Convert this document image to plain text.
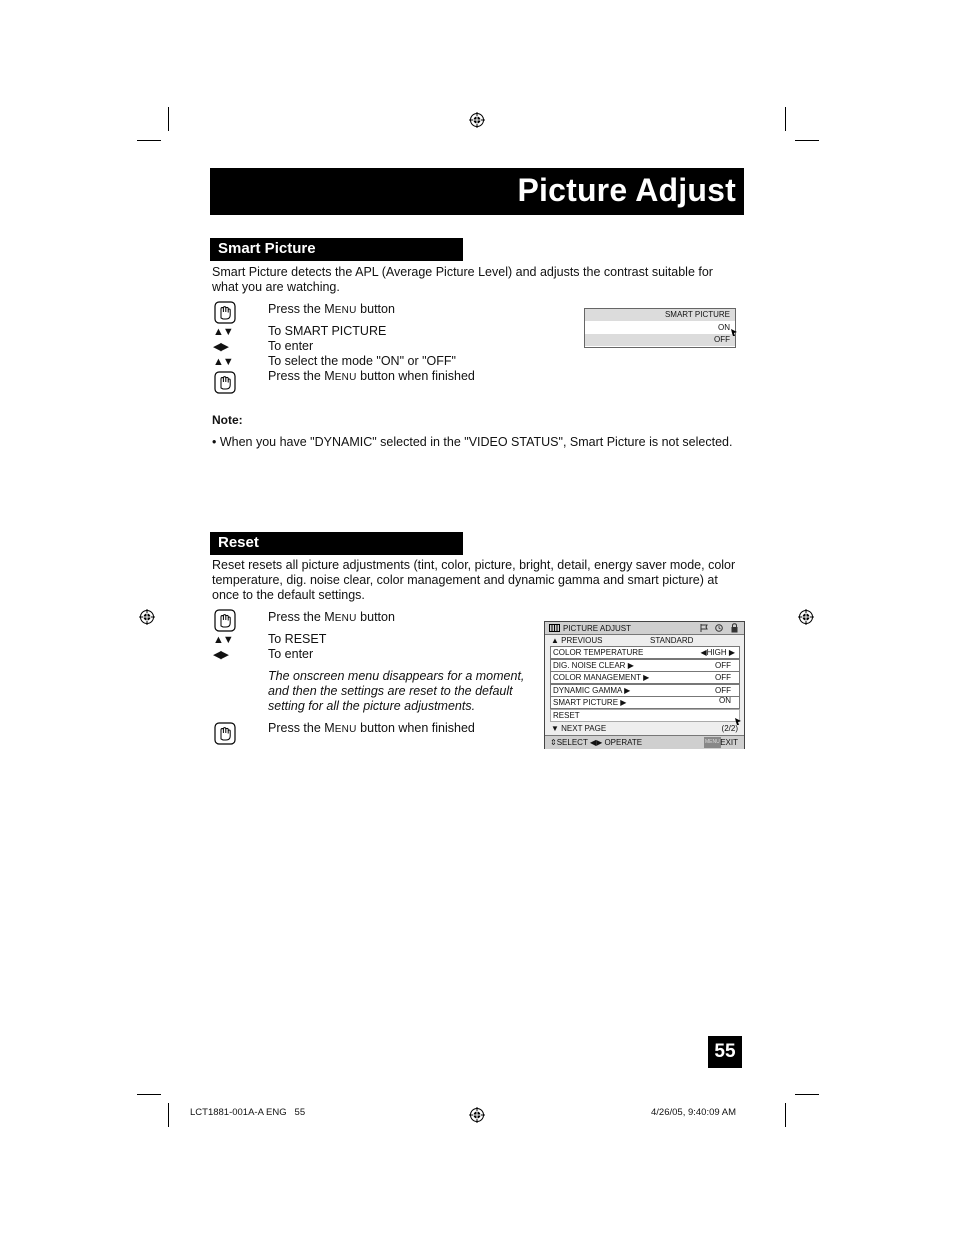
Picture Adjust
Smart Picture
Smart Picture detects the APL (Average Picture Level) and adjusts the contrast suitable for what you are watching.
▲▼
◀▶
▲▼
Press the MENU button
To SMART PICTURE
To enter
To select the mode "ON" or "OFF"
Press the MENU button when finished
SMART PICTURE
ON
OFF
Note:
• When you have "DYNAMIC" selected in the "VIDEO STATUS", Smart Picture is not selected.
Reset
Reset resets all picture adjustments (tint, color, picture, bright, detail, energy saver mode, color temperature, dig. noise clear, color management and dynamic gamma and smart picture) at once to the default settings.
▲▼
◀▶
Press the MENU button
To RESET
To enter
The onscreen menu disappears for a moment, and then the settings are reset to the default setting for all the picture adjustments.
Press the MENU button when finished
PICTURE ADJUST
▲ PREVIOUS	STANDARD
COLOR TEMPERATURE	◀HIGH ▶
DIG. NOISE CLEAR ▶	OFF
COLOR MANAGEMENT ▶	OFF
DYNAMIC GAMMA ▶	OFF
SMART PICTURE ▶	ON
RESET
▼ NEXT PAGE	(2/2)
⇕SELECT ◀▶ OPERATE	MENU EXIT
55
LCT1881-001A-A ENG   55	4/26/05, 9:40:09 AM
